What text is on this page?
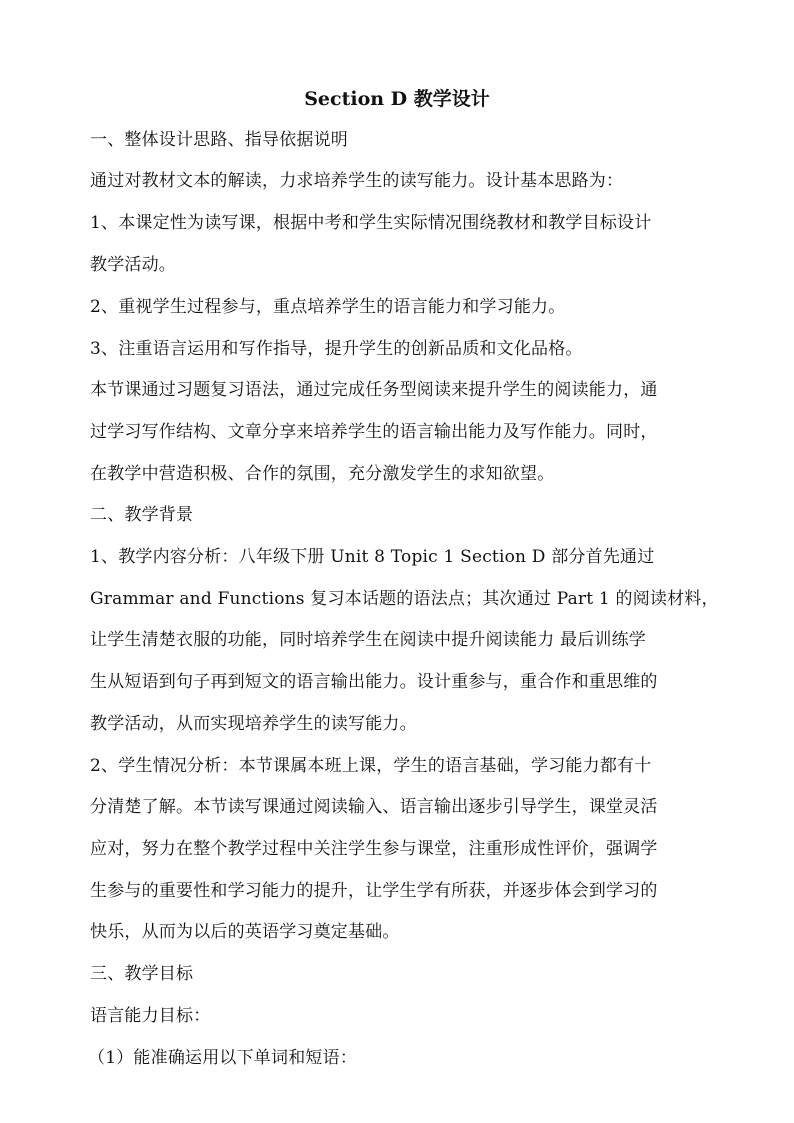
Section D 教学设计
一、整体设计思路、指导依据说明
通过对教材文本的解读，力求培养学生的读写能力。设计基本思路为：
1、本课定性为读写课，根据中考和学生实际情况围绕教材和教学目标设计
教学活动。
2、重视学生过程参与，重点培养学生的语言能力和学习能力。
3、注重语言运用和写作指导，提升学生的创新品质和文化品格。
本节课通过习题复习语法，通过完成任务型阅读来提升学生的阅读能力，通
过学习写作结构、文章分享来培养学生的语言输出能力及写作能力。同时，
在教学中营造积极、合作的氛围，充分激发学生的求知欲望。
二、教学背景
1、教学内容分析：八年级下册 Unit 8 Topic 1 Section D 部分首先通过
Grammar and Functions 复习本话题的语法点；其次通过 Part 1 的阅读材料，
让学生清楚衣服的功能，同时培养学生在阅读中提升阅读能力 最后训练学
生从短语到句子再到短文的语言输出能力。设计重参与，重合作和重思维的
教学活动，从而实现培养学生的读写能力。
2、学生情况分析：本节课属本班上课，学生的语言基础，学习能力都有十
分清楚了解。本节读写课通过阅读输入、语言输出逐步引导学生，课堂灵活
应对，努力在整个教学过程中关注学生参与课堂，注重形成性评价，强调学
生参与的重要性和学习能力的提升，让学生学有所获，并逐步体会到学习的
快乐，从而为以后的英语学习奠定基础。
三、教学目标
语言能力目标：
（1）能准确运用以下单词和短语：
